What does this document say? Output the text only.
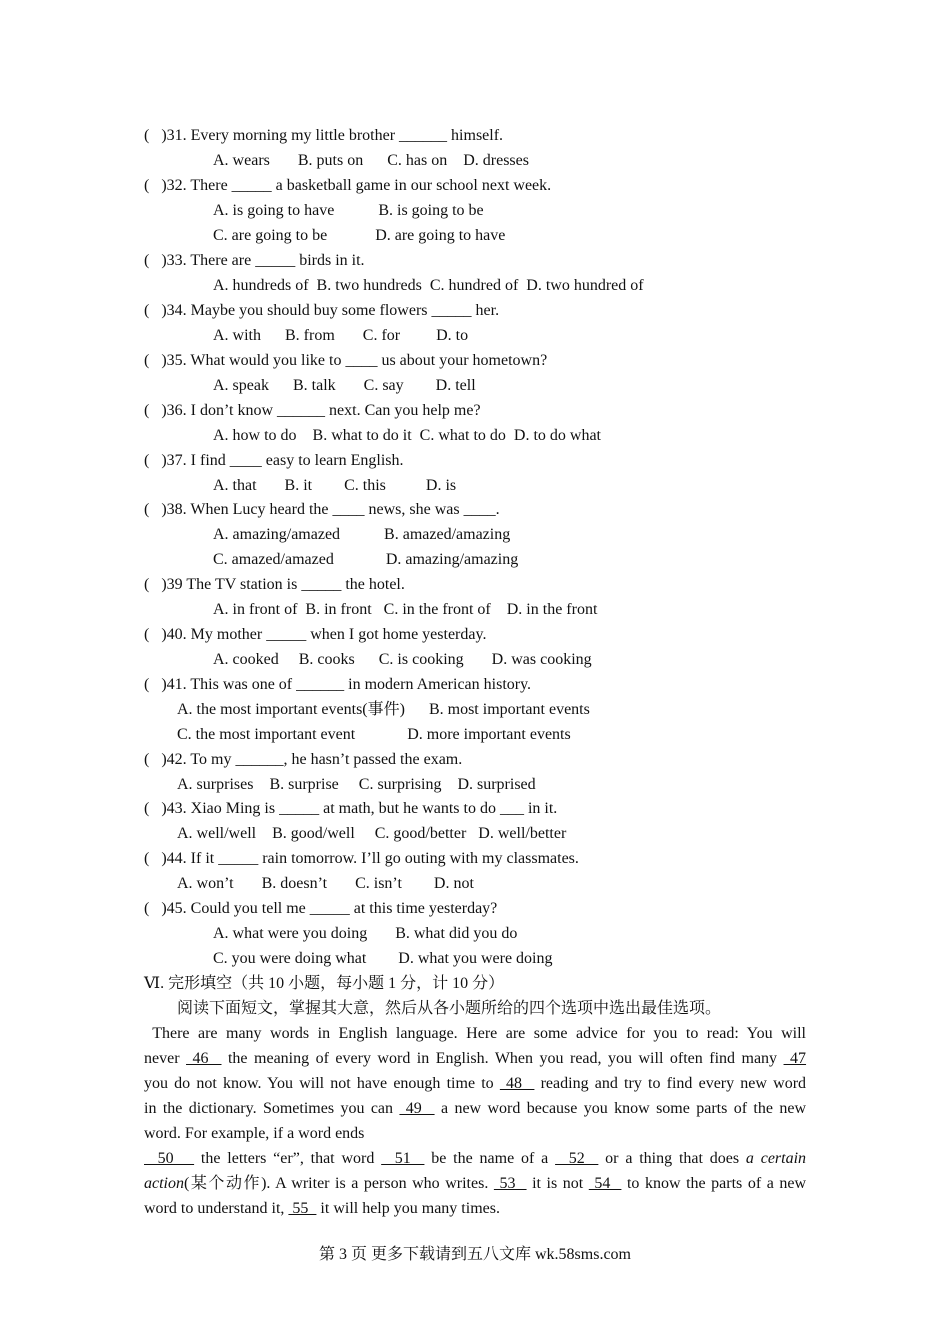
(   )31. Every morning my little brother ______ himself.
A. wears       B. puts on      C. has on    D. dresses
(   )32. There _____ a basketball game in our school next week.
A. is going to have           B. is going to be
C. are going to be            D. are going to have
(   )33. There are _____ birds in it.
A. hundreds of  B. two hundreds  C. hundred of  D. two hundred of
(   )34. Maybe you should buy some flowers _____ her.
A. with      B. from       C. for         D. to
(   )35. What would you like to ____ us about your hometown?
A. speak      B. talk       C. say        D. tell
(   )36. I don’t know ______ next. Can you help me?
A. how to do    B. what to do it  C. what to do  D. to do what
(   )37. I find ____ easy to learn English.
A. that       B. it        C. this          D. is
(   )38. When Lucy heard the ____ news, she was ____.
A. amazing/amazed           B. amazed/amazing
C. amazed/amazed             D. amazing/amazing
(   )39 The TV station is _____ the hotel.
A. in front of  B. in front   C. in the front of    D. in the front
(   )40. My mother _____ when I got home yesterday.
A. cooked     B. cooks      C. is cooking       D. was cooking
(   )41. This was one of ______ in modern American history.
A. the most important events(事件)      B. most important events
C. the most important event             D. more important events
(   )42. To my ______, he hasn’t passed the exam.
A. surprises    B. surprise     C. surprising    D. surprised
(   )43. Xiao Ming is _____ at math, but he wants to do ___ in it.
A. well/well    B. good/well     C. good/better   D. well/better
(   )44. If it _____ rain tomorrow. I’ll go outing with my classmates.
A. won’t       B. doesn’t       C. isn’t        D. not
(   )45. Could you tell me _____ at this time yesterday?
A. what were you doing       B. what did you do
C. you were doing what        D. what you were doing
Ⅵ. 完形填空（共 10 小题，每小题 1 分，计 10 分）
阅读下面短文，掌握其大意，然后从各小题所给的四个选项中选出最佳选项。
There are many words in English language. Here are some advice for you to read: You will
never  46   the meaning of every word in English. When you read, you will often find many  47
you do not know. You will not have enough time to  48   reading and try to find every new word
in the dictionary. Sometimes you can  49   a new word because you know some parts of the new
word. For example, if a word ends
50    the letters “er”, that word   51   be the name of a   52   or a thing that does a certain
action(某个动作). A writer is a person who writes.  53   it is not  54   to know the parts of a new
word to understand it,  55   it will help you many times.
第 3 页 更多下载请到五八文库 wk.58sms.com
